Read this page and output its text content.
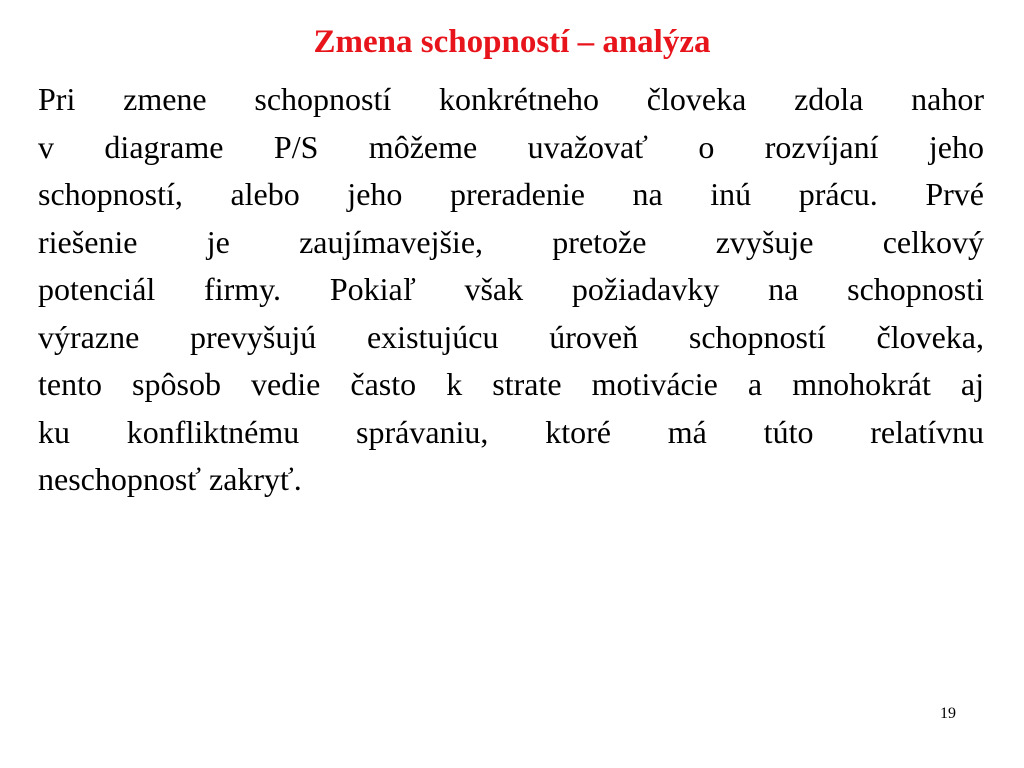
Zmena schopností – analýza
Pri zmene schopností konkrétneho človeka zdola nahor
v diagrame P/S môžeme uvažovať o rozvíjaní jeho
schopností, alebo jeho preradenie na inú prácu. Prvé
riešenie je zaujímavejšie, pretože zvyšuje celkový
potenciál firmy. Pokiaľ však požiadavky na schopnosti
výrazne prevyšujú existujúcu úroveň schopností človeka,
tento spôsob vedie často k strate motivácie a mnohokrát aj
ku konfliktnému správaniu, ktoré má túto relatívnu
neschopnosť zakryť.
19
